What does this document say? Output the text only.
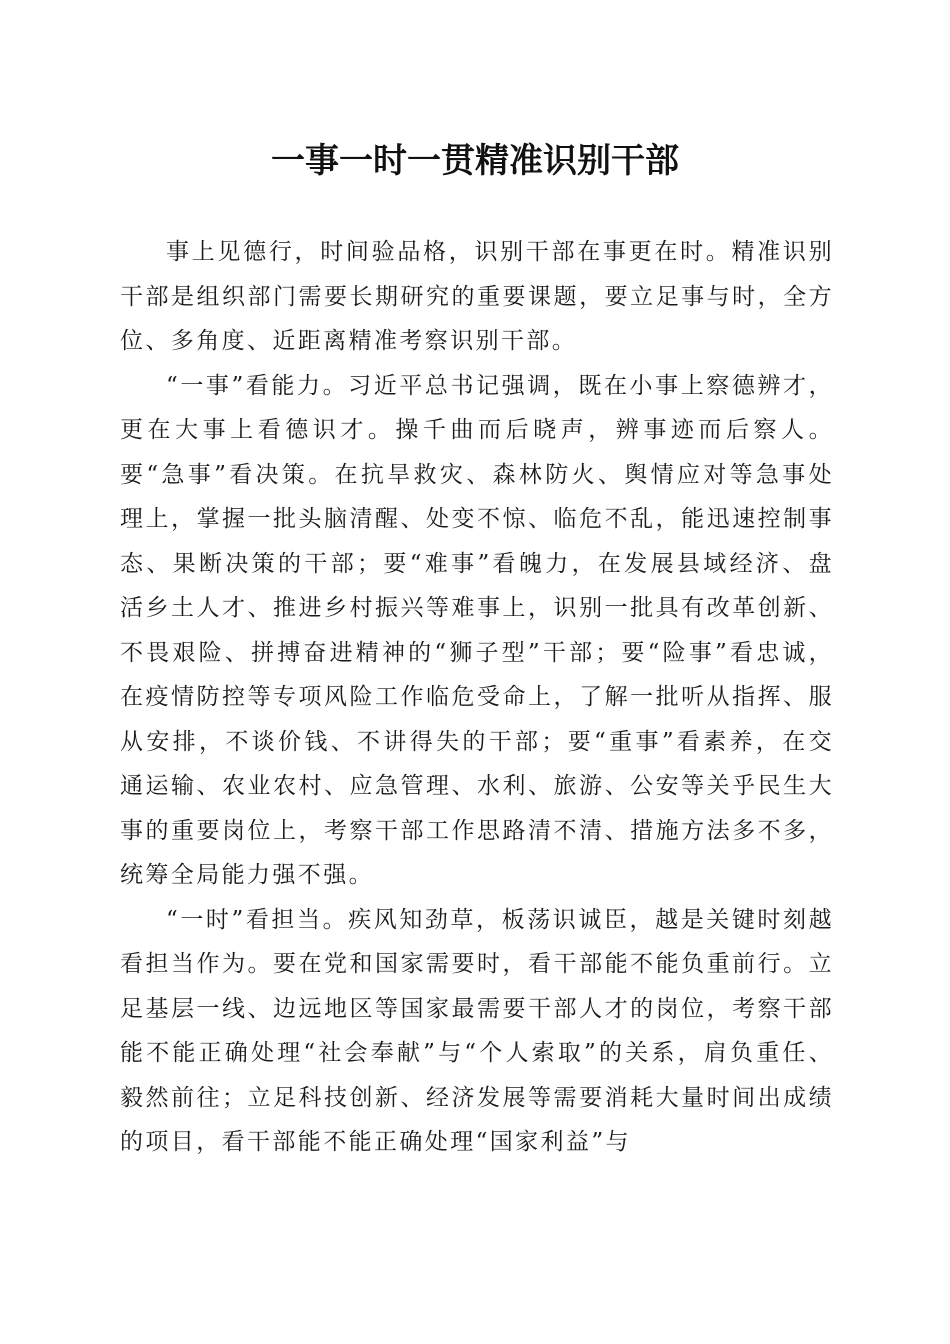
一事一时一贯精准识别干部

事上见德行，时间验品格，识别干部在事更在时。精准识别干部是组织部门需要长期研究的重要课题，要立足事与时，全方位、多角度、近距离精准考察识别干部。

“一事”看能力。习近平总书记强调，既在小事上察德辨才，更在大事上看德识才。操千曲而后晓声，辨事迹而后察人。要“急事”看决策。在抗旱救灾、森林防火、舆情应对等急事处理上，掌握一批头脑清醒、处变不惊、临危不乱，能迅速控制事态、果断决策的干部；要“难事”看魄力，在发展县域经济、盘活乡土人才、推进乡村振兴等难事上，识别一批具有改革创新、不畏艰险、拼搏奋进精神的“狮子型”干部；要“险事”看忠诚，在疫情防控等专项风险工作临危受命上，了解一批听从指挥、服从安排，不谈价钱、不讲得失的干部；要“重事”看素养，在交通运输、农业农村、应急管理、水利、旅游、公安等关乎民生大事的重要岗位上，考察干部工作思路清不清、措施方法多不多，统筹全局能力强不强。

“一时”看担当。疾风知劲草，板荡识诚臣，越是关键时刻越看担当作为。要在党和国家需要时，看干部能不能负重前行。立足基层一线、边远地区等国家最需要干部人才的岗位，考察干部能不能正确处理“社会奉献”与“个人索取”的关系，肩负重任、毅然前往；立足科技创新、经济发展等需要消耗大量时间出成绩的项目，看干部能不能正确处理“国家利益”与
